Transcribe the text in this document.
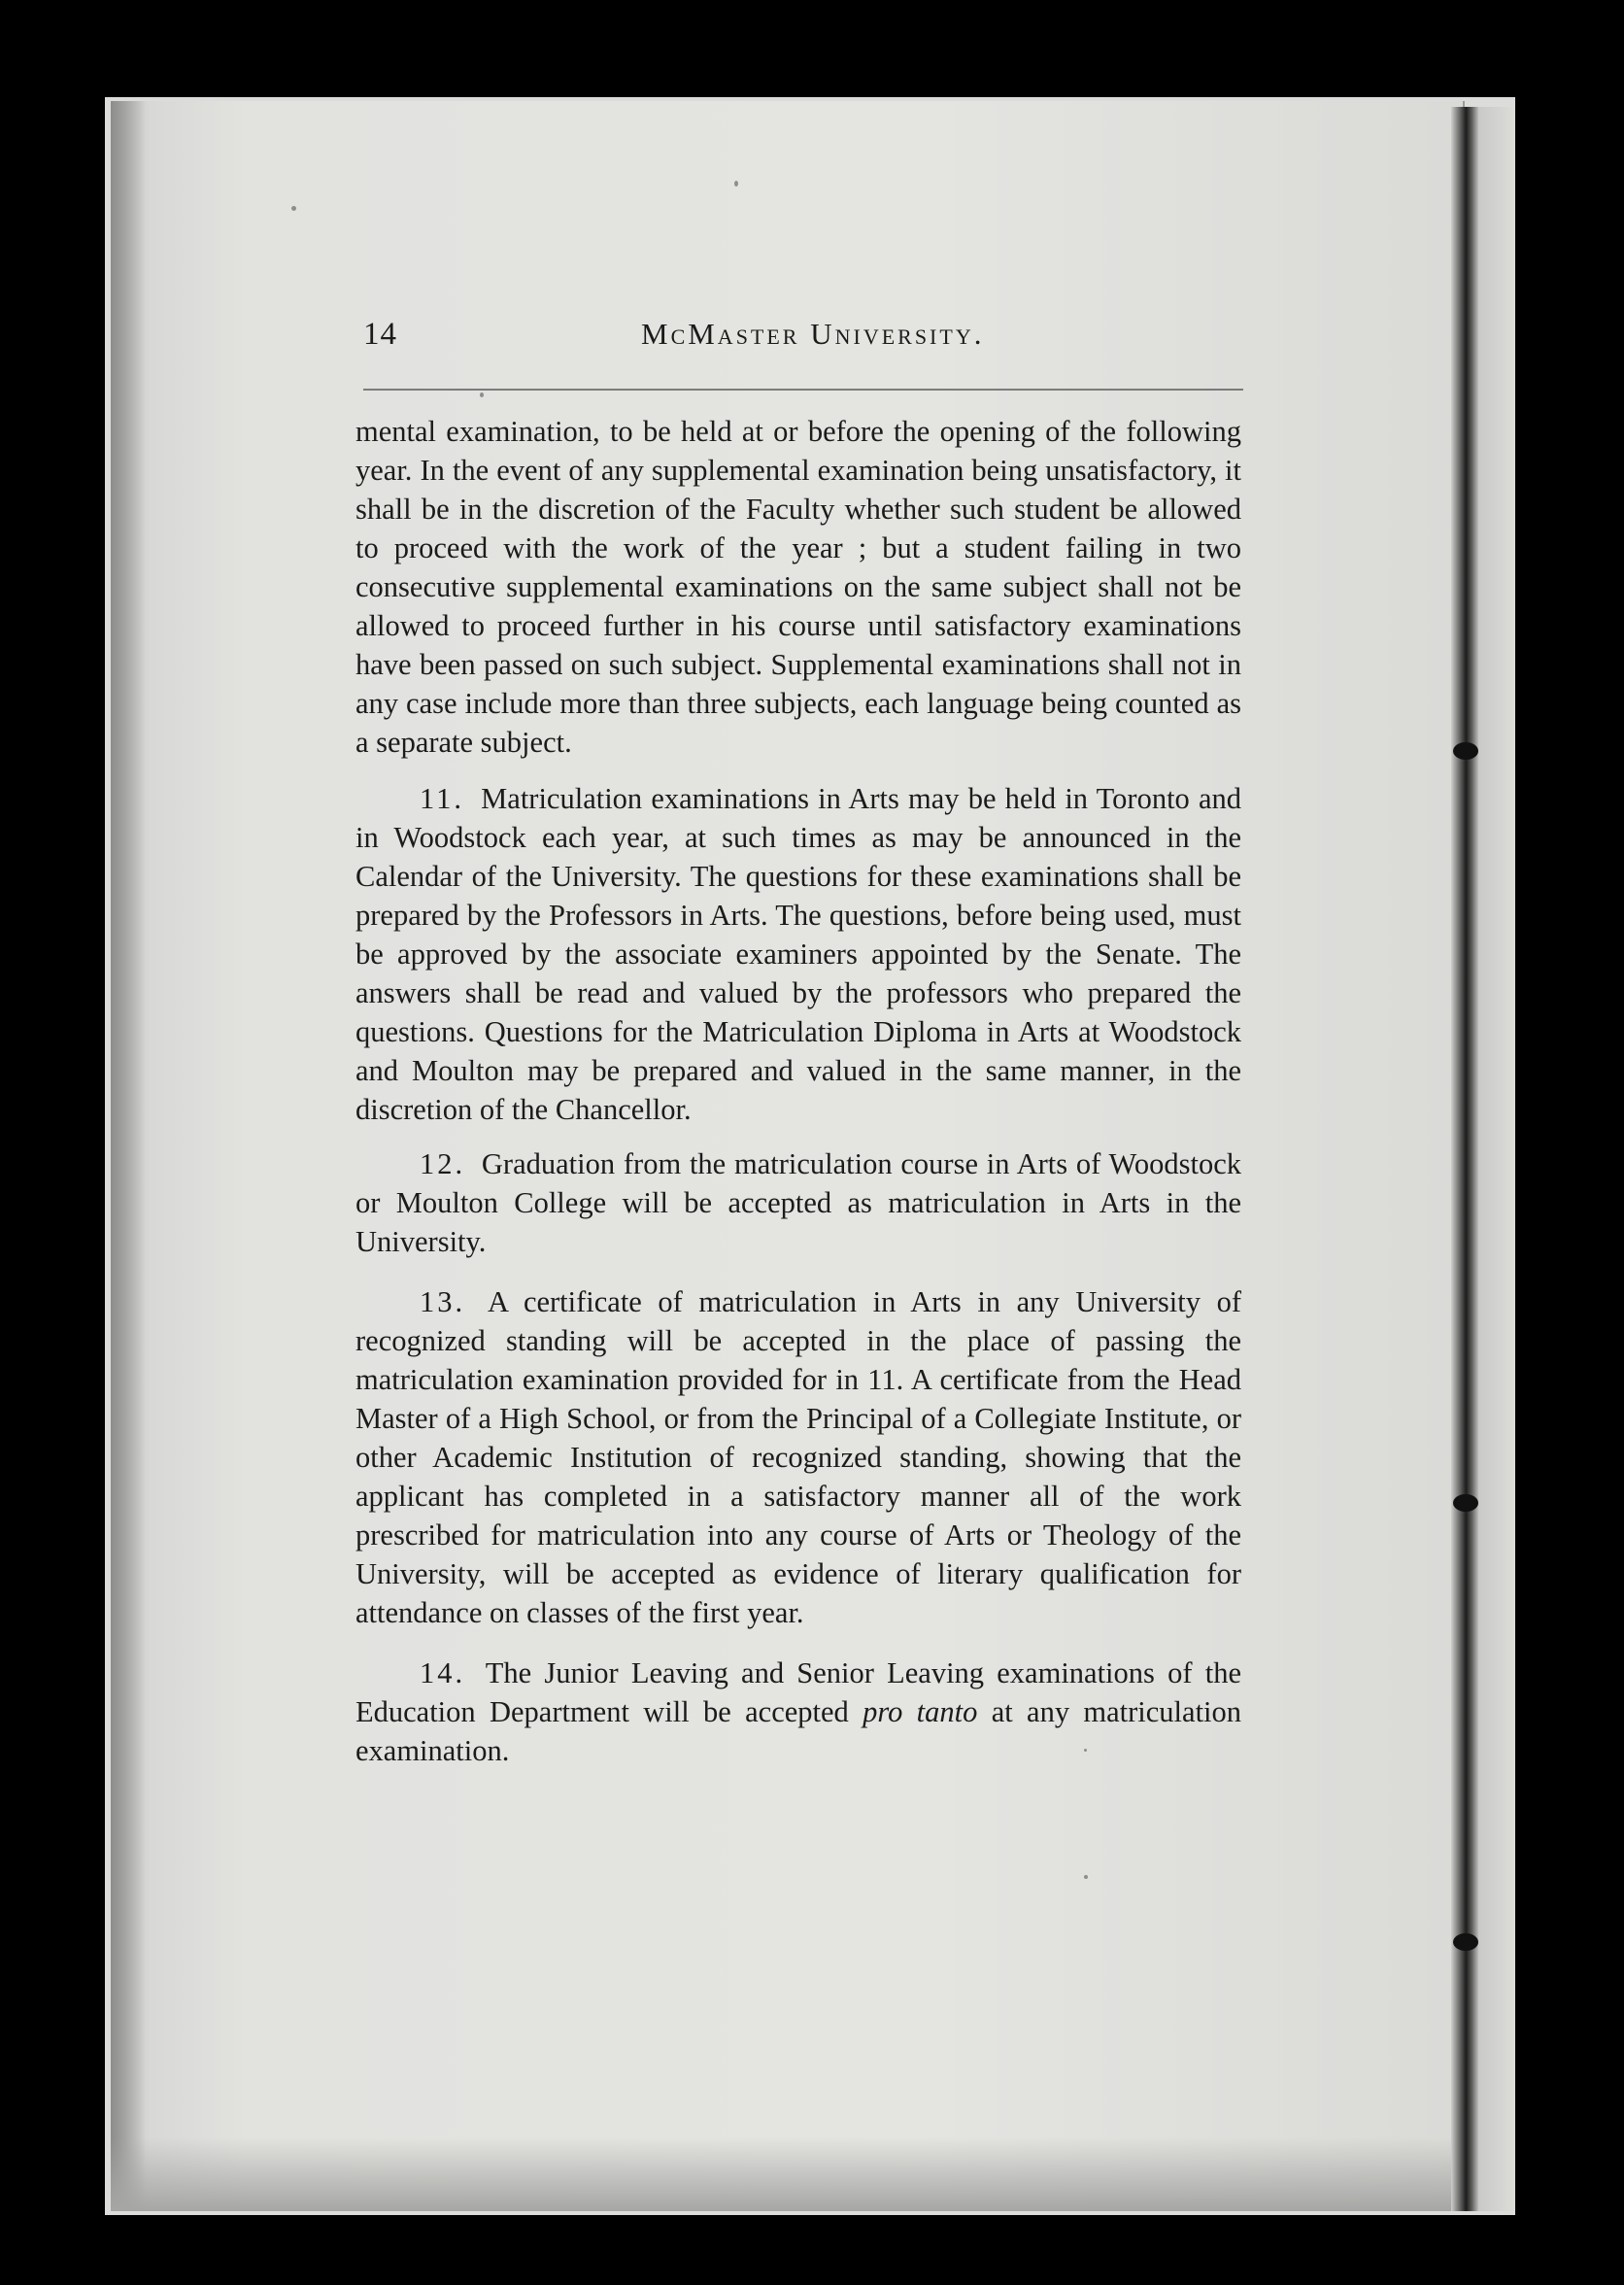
14	McMaster University.

mental examination, to be held at or before the opening of the following year. In the event of any supplemental examination being unsatisfactory, it shall be in the discretion of the Faculty whether such student be allowed to proceed with the work of the year ; but a student failing in two consecutive supplemental examinations on the same subject shall not be allowed to proceed further in his course until satisfactory examinations have been passed on such subject. Supplemental examinations shall not in any case include more than three subjects, each language being counted as a separate subject.

11. Matriculation examinations in Arts may be held in Toronto and in Woodstock each year, at such times as may be announced in the Calendar of the University. The questions for these examinations shall be prepared by the Professors in Arts. The questions, before being used, must be approved by the associate examiners appointed by the Senate. The answers shall be read and valued by the professors who prepared the questions. Questions for the Matriculation Diploma in Arts at Woodstock and Moulton may be prepared and valued in the same manner, in the discretion of the Chancellor.

12. Graduation from the matriculation course in Arts of Woodstock or Moulton College will be accepted as matriculation in Arts in the University.

13. A certificate of matriculation in Arts in any University of recognized standing will be accepted in the place of passing the matriculation examination provided for in 11. A certificate from the Head Master of a High School, or from the Principal of a Collegiate Institute, or other Academic Institution of recognized standing, showing that the applicant has completed in a satisfactory manner all of the work prescribed for matriculation into any course of Arts or Theology of the University, will be accepted as evidence of literary qualification for attendance on classes of the first year.

14. The Junior Leaving and Senior Leaving examinations of the Education Department will be accepted pro tanto at any matriculation examination.
